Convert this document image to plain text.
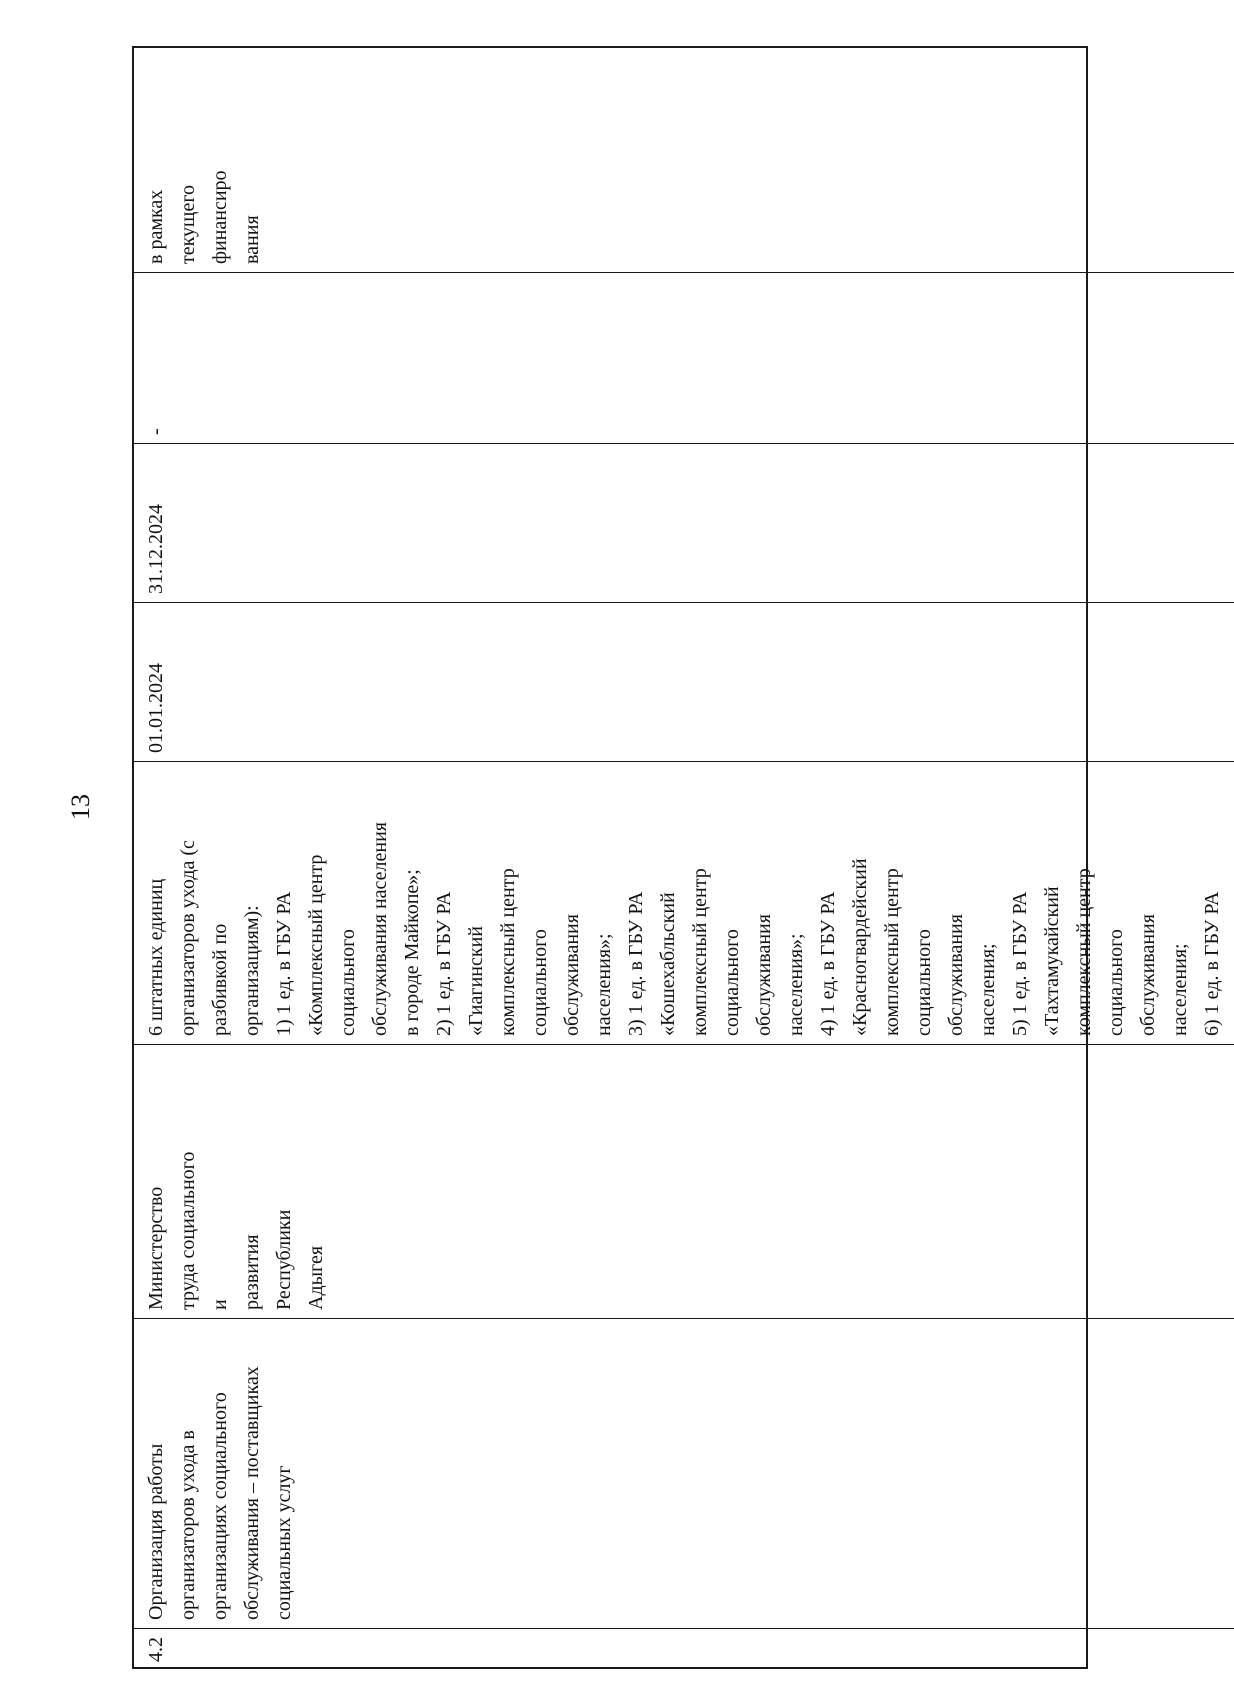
13
4.2
Организация работы
организаторов ухода в
организациях социального
обслуживания – поставщиках
социальных услуг
Министерство
труда социального
и
развития
Республики
Адыгея
6 штатных единиц
организаторов ухода (с
разбивкой по
организациям):
1) 1 ед. в ГБУ РА
«Комплексный центр
социального
обслуживания населения
в городе Майкопе»;
2) 1 ед. в ГБУ РА
«Гиагинский
комплексный центр
социального
обслуживания
населения»;
3) 1 ед. в ГБУ РА
«Кошехабльский
комплексный центр
социального
обслуживания
населения»;
4) 1 ед. в ГБУ РА
«Красногвардейский
комплексный центр
социального
обслуживания
населения;
5) 1 ед. в ГБУ РА
«Тахтамукайский
комплексный центр
социального
обслуживания
населения;
6) 1 ед. в ГБУ РА
01.01.2024
31.12.2024
-
в рамках
текущего
финансиро
вания
